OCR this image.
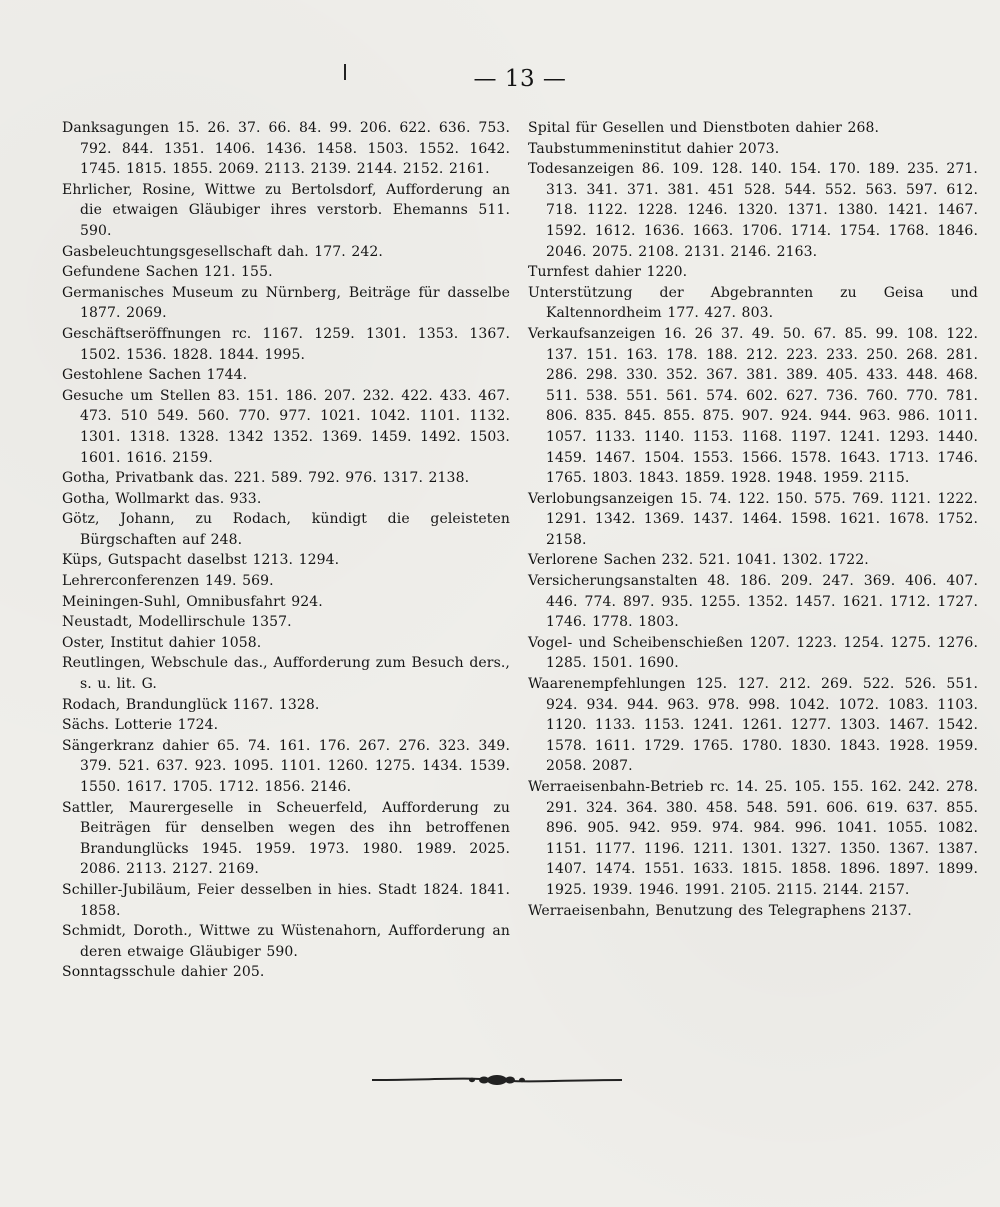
— 13 —
Danksagungen 15. 26. 37. 66. 84. 99. 206. 622. 636. 753. 792. 844. 1351. 1406. 1436. 1458. 1503. 1552. 1642. 1745. 1815. 1855. 2069. 2113. 2139. 2144. 2152. 2161.
Ehrlicher, Rosine, Wittwe zu Bertolsdorf, Aufforderung an die etwaigen Gläubiger ihres verstorb. Ehemanns 511. 590.
Gasbeleuchtungsgesellschaft dah. 177. 242.
Gefundene Sachen 121. 155.
Germanisches Museum zu Nürnberg, Beiträge für dasselbe 1877. 2069.
Geschäftseröffnungen rc. 1167. 1259. 1301. 1353. 1367. 1502. 1536. 1828. 1844. 1995.
Gestohlene Sachen 1744.
Gesuche um Stellen 83. 151. 186. 207. 232. 422. 433. 467. 473. 510 549. 560. 770. 977. 1021. 1042. 1101. 1132. 1301. 1318. 1328. 1342 1352. 1369. 1459. 1492. 1503. 1601. 1616. 2159.
Gotha, Privatbank das. 221. 589. 792. 976. 1317. 2138.
Gotha, Wollmarkt das. 933.
Götz, Johann, zu Rodach, kündigt die geleisteten Bürgschaften auf 248.
Küps, Gutspacht daselbst 1213. 1294.
Lehrerconferenzen 149. 569.
Meiningen-Suhl, Omnibusfahrt 924.
Neustadt, Modellirschule 1357.
Oster, Institut dahier 1058.
Reutlingen, Webschule das., Aufforderung zum Besuch ders., s. u. lit. G.
Rodach, Brandunglück 1167. 1328.
Sächs. Lotterie 1724.
Sängerkranz dahier 65. 74. 161. 176. 267. 276. 323. 349. 379. 521. 637. 923. 1095. 1101. 1260. 1275. 1434. 1539. 1550. 1617. 1705. 1712. 1856. 2146.
Sattler, Maurergeselle in Scheuerfeld, Aufforderung zu Beiträgen für denselben wegen des ihn betroffenen Brandunglücks 1945. 1959. 1973. 1980. 1989. 2025. 2086. 2113. 2127. 2169.
Schiller-Jubiläum, Feier desselben in hies. Stadt 1824. 1841. 1858.
Schmidt, Doroth., Wittwe zu Wüstenahorn, Aufforderung an deren etwaige Gläubiger 590.
Sonntagsschule dahier 205.
Spital für Gesellen und Dienstboten dahier 268.
Taubstummeninstitut dahier 2073.
Todesanzeigen 86. 109. 128. 140. 154. 170. 189. 235. 271. 313. 341. 371. 381. 451 528. 544. 552. 563. 597. 612. 718. 1122. 1228. 1246. 1320. 1371. 1380. 1421. 1467. 1592. 1612. 1636. 1663. 1706. 1714. 1754. 1768. 1846. 2046. 2075. 2108. 2131. 2146. 2163.
Turnfest dahier 1220.
Unterstützung der Abgebrannten zu Geisa und Kaltennordheim 177. 427. 803.
Verkaufsanzeigen 16. 26 37. 49. 50. 67. 85. 99. 108. 122. 137. 151. 163. 178. 188. 212. 223. 233. 250. 268. 281. 286. 298. 330. 352. 367. 381. 389. 405. 433. 448. 468. 511. 538. 551. 561. 574. 602. 627. 736. 760. 770. 781. 806. 835. 845. 855. 875. 907. 924. 944. 963. 986. 1011. 1057. 1133. 1140. 1153. 1168. 1197. 1241. 1293. 1440. 1459. 1467. 1504. 1553. 1566. 1578. 1643. 1713. 1746. 1765. 1803. 1843. 1859. 1928. 1948. 1959. 2115.
Verlobungsanzeigen 15. 74. 122. 150. 575. 769. 1121. 1222. 1291. 1342. 1369. 1437. 1464. 1598. 1621. 1678. 1752. 2158.
Verlorene Sachen 232. 521. 1041. 1302. 1722.
Versicherungsanstalten 48. 186. 209. 247. 369. 406. 407. 446. 774. 897. 935. 1255. 1352. 1457. 1621. 1712. 1727. 1746. 1778. 1803.
Vogel- und Scheibenschießen 1207. 1223. 1254. 1275. 1276. 1285. 1501. 1690.
Waarenempfehlungen 125. 127. 212. 269. 522. 526. 551. 924. 934. 944. 963. 978. 998. 1042. 1072. 1083. 1103. 1120. 1133. 1153. 1241. 1261. 1277. 1303. 1467. 1542. 1578. 1611. 1729. 1765. 1780. 1830. 1843. 1928. 1959. 2058. 2087.
Werraeisenbahn-Betrieb rc. 14. 25. 105. 155. 162. 242. 278. 291. 324. 364. 380. 458. 548. 591. 606. 619. 637. 855. 896. 905. 942. 959. 974. 984. 996. 1041. 1055. 1082. 1151. 1177. 1196. 1211. 1301. 1327. 1350. 1367. 1387. 1407. 1474. 1551. 1633. 1815. 1858. 1896. 1897. 1899. 1925. 1939. 1946. 1991. 2105. 2115. 2144. 2157.
Werraeisenbahn, Benutzung des Telegraphens 2137.
